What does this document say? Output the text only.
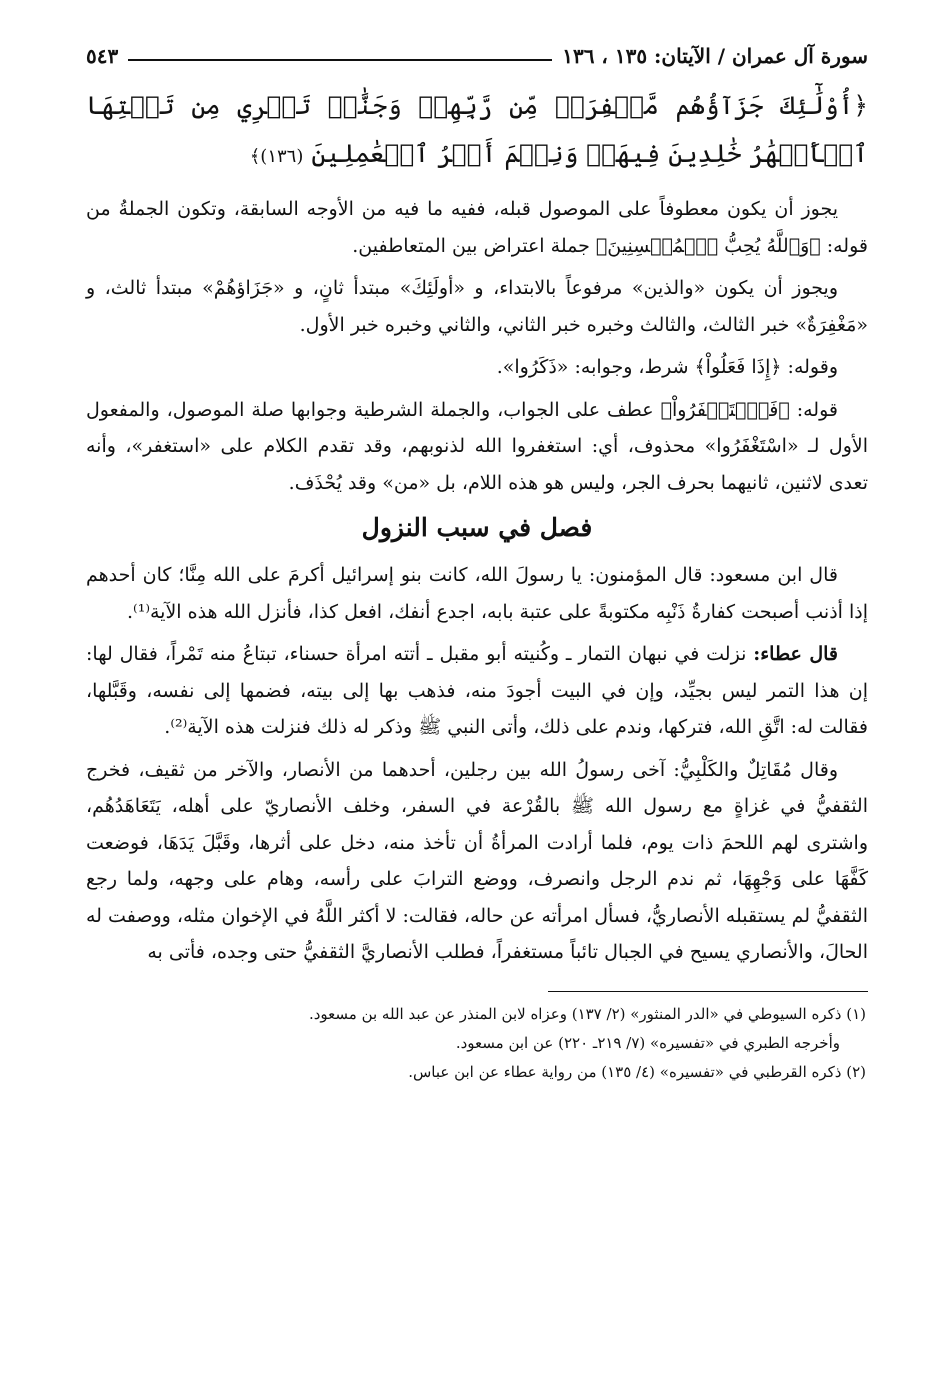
سورة آل عمران / الآيتان: ١٣٥ ، ١٣٦
٥٤٣
﴿أُوْلَٰٓئِكَ جَزَآؤُهُم مَّغۡفِرَةٞ مِّن رَّبِّهِمۡ وَجَنَّٰتٞ تَجۡرِي مِن تَحۡتِهَا ٱلۡأَنۡهَٰرُ خَٰلِدِينَ فِيهَاۚ وَنِعۡمَ أَجۡرُ ٱلۡعَٰمِلِينَ (١٣٦)﴾

يجوز أن يكون معطوفاً على الموصول قبله، ففيه ما فيه من الأوجه السابقة، وتكون الجملةُ من قوله: ﴿وَٱللَّهُ يُحِبُّ ٱلۡمُحۡسِنِينَ﴾ جملة اعتراض بين المتعاطفين.

ويجوز أن يكون «والذين» مرفوعاً بالابتداء، و «أولَئِكَ» مبتدأ ثانٍ، و «جَزَاؤهُمْ» مبتدأ ثالث، و «مَغْفِرَةٌ» خبر الثالث، والثالث وخبره خبر الثاني، والثاني وخبره خبر الأول.

وقوله: ﴿إِذَا فَعَلُواْ﴾ شرط، وجوابه: «ذَكَرُوا».

قوله: ﴿فَٱسۡتَغۡفَرُواْ﴾ عطف على الجواب، والجملة الشرطية وجوابها صلة الموصول، والمفعول الأول لـ «اسْتَغْفَرُوا» محذوف، أي: استغفروا الله لذنوبهم، وقد تقدم الكلام على «استغفر»، وأنه تعدى لاثنين، ثانيهما بحرف الجر، وليس هو هذه اللام، بل «من» وقد يُحْذَف.

فصل في سبب النزول

قال ابن مسعود: قال المؤمنون: يا رسولَ الله، كانت بنو إسرائيل أكرمَ على الله مِنَّا؛ كان أحدهم إذا أذنب أصبحت كفارةُ ذَنْبِه مكتوبةً على عتبة بابه، اجدع أنفك، افعل كذا، فأنزل الله هذه الآية⁽¹⁾.

قال عطاء: نزلت في نبهان التمار ـ وكُنيته أبو مقبل ـ أتته امرأة حسناء، تبتاعُ منه تَمْراً، فقال لها: إن هذا التمر ليس بجيِّد، وإن في البيت أجودَ منه، فذهب بها إلى بيته، فضمها إلى نفسه، وقَبَّلها، فقالت له: اتَّقِ الله، فتركها، وندم على ذلك، وأتى النبي ﷺ وذكر له ذلك فنزلت هذه الآية⁽²⁾.

وقال مُقَاتِلٌ والكَلْبِيُّ: آخى رسولُ الله بين رجلين، أحدهما من الأنصار، والآخر من ثقيف، فخرج الثقفيُّ في غزاةٍ مع رسول الله ﷺ بالقُرْعة في السفر، وخلف الأنصاريّ على أهله، يَتَعَاهَدُهُم، واشترى لهم اللحمَ ذات يوم، فلما أرادت المرأةُ أن تأخذ منه، دخل على أثرها، وقَبَّلَ يَدَهَا، فوضعت كَفَّهَا على وَجْهِهَا، ثم ندم الرجل وانصرف، ووضع الترابَ على رأسه، وهام على وجهه، ولما رجع الثقفيُّ لم يستقبله الأنصاريُّ، فسأل امرأته عن حاله، فقالت: لا أكثر اللَّهُ في الإخوان مثله، ووصفت له الحالَ، والأنصاري يسيح في الجبال تائباً مستغفراً، فطلب الأنصاريَّ الثقفيُّ حتى وجده، فأتى به

(١) ذكره السيوطي في «الدر المنثور» (٢/ ١٣٧) وعزاه لابن المنذر عن عبد الله بن مسعود.

وأخرجه الطبري في «تفسيره» (٧/ ٢١٩ـ ٢٢٠) عن ابن مسعود.

(٢) ذكره القرطبي في «تفسيره» (٤/ ١٣٥) من رواية عطاء عن ابن عباس.
